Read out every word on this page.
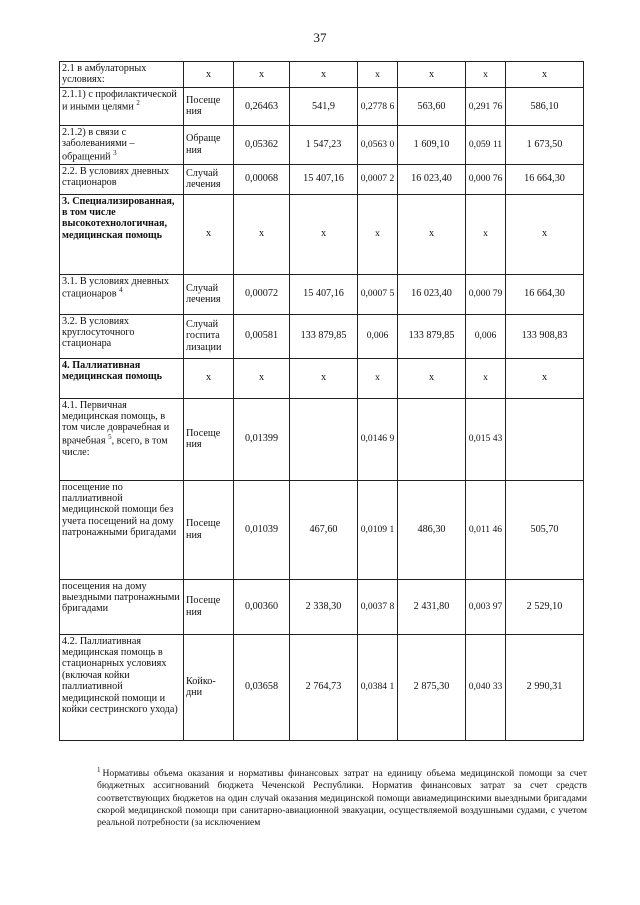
37
2.1 в амбулаторных условиях:	х	х	х	х	х	х	х
2.1.1) с профилактической и иными целями $^2$	Посеще ния	0,26463	541,9	0,2778 6	563,60	0,291 76	586,10
2.1.2) в связи с заболеваниями – обращений $^3$	Обраще ния	0,05362	1 547,23	0,0563 0	1 609,10	0,059 11	1 673,50
2.2. В условиях дневных стационаров	Случай лечения	0,00068	15 407,16	0,0007 2	16 023,40	0,000 76	16 664,30
3. Специализированная, в том числе высокотехнологичная, медицинская помощь	х	х	х	х	х	х	х
3.1. В условиях дневных стационаров $^4$	Случай лечения	0,00072	15 407,16	0,0007 5	16 023,40	0,000 79	16 664,30
3.2. В условиях круглосуточного стационара	Случай госпита лизации	0,00581	133 879,85	0,006	133 879,85	0,006	133 908,83
4. Паллиативная медицинская помощь	х	х	х	х	х	х	х
4.1. Первичная медицинская помощь, в том числе доврачебная и врачебная $^5$, всего, в том числе:	Посеще ния	0,01399		0,0146 9		0,015 43	
посещение по паллиативной медицинской помощи без учета посещений на дому патронажными бригадами	Посеще ния	0,01039	467,60	0,0109 1	486,30	0,011 46	505,70
посещения на дому выездными патронажными бригадами	Посеще ния	0,00360	2 338,30	0,0037 8	2 431,80	0,003 97	2 529,10
4.2. Паллиативная медицинская помощь в стационарных условиях (включая койки паллиативной медицинской помощи и койки сестринского ухода)	Койко-дни	0,03658	2 764,73	0,0384 1	2 875,30	0,040 33	2 990,31
$^1$ Нормативы объема оказания и нормативы финансовых затрат на единицу объема медицинской помощи за счет бюджетных ассигнований бюджета Чеченской Республики. Норматив финансовых затрат за счет средств соответствующих бюджетов на один случай оказания медицинской помощи авиамедицинскими выездными бригадами скорой медицинской помощи при санитарно-авиационной эвакуации, осуществляемой воздушными судами, с учетом реальной потребности (за исключением
